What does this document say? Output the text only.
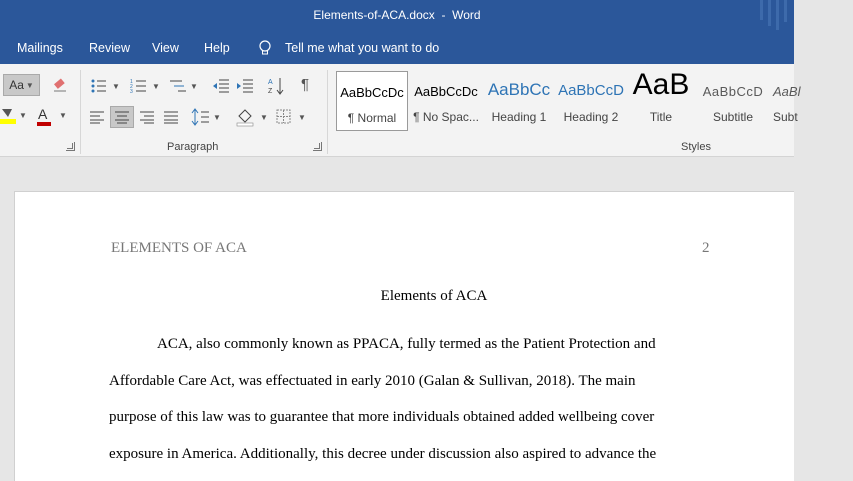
Elements-of-ACA.docx - Word
Mailings Review View Help	Tell me what you want to do
Aa ▼
▼ A ▼
▼ 1
2
3
▼	▼	A
Z ¶
▼	▼	▼
Paragraph
AaBbCcDc
¶ Normal
AaBbCcDc
¶ No Spac...
AaBbCc
Heading 1
AaBbCcD
Heading 2
AaB
Title
AaBbCcD
Subtitle
AaBl
Subt
Styles
ELEMENTS OF ACA	2
Elements of ACA
ACA, also commonly known as PPACA, fully termed as the Patient Protection and
Affordable Care Act, was effectuated in early 2010 (Galan & Sullivan, 2018). The main
purpose of this law was to guarantee that more individuals obtained added wellbeing cover
exposure in America. Additionally, this decree under discussion also aspired to advance the
